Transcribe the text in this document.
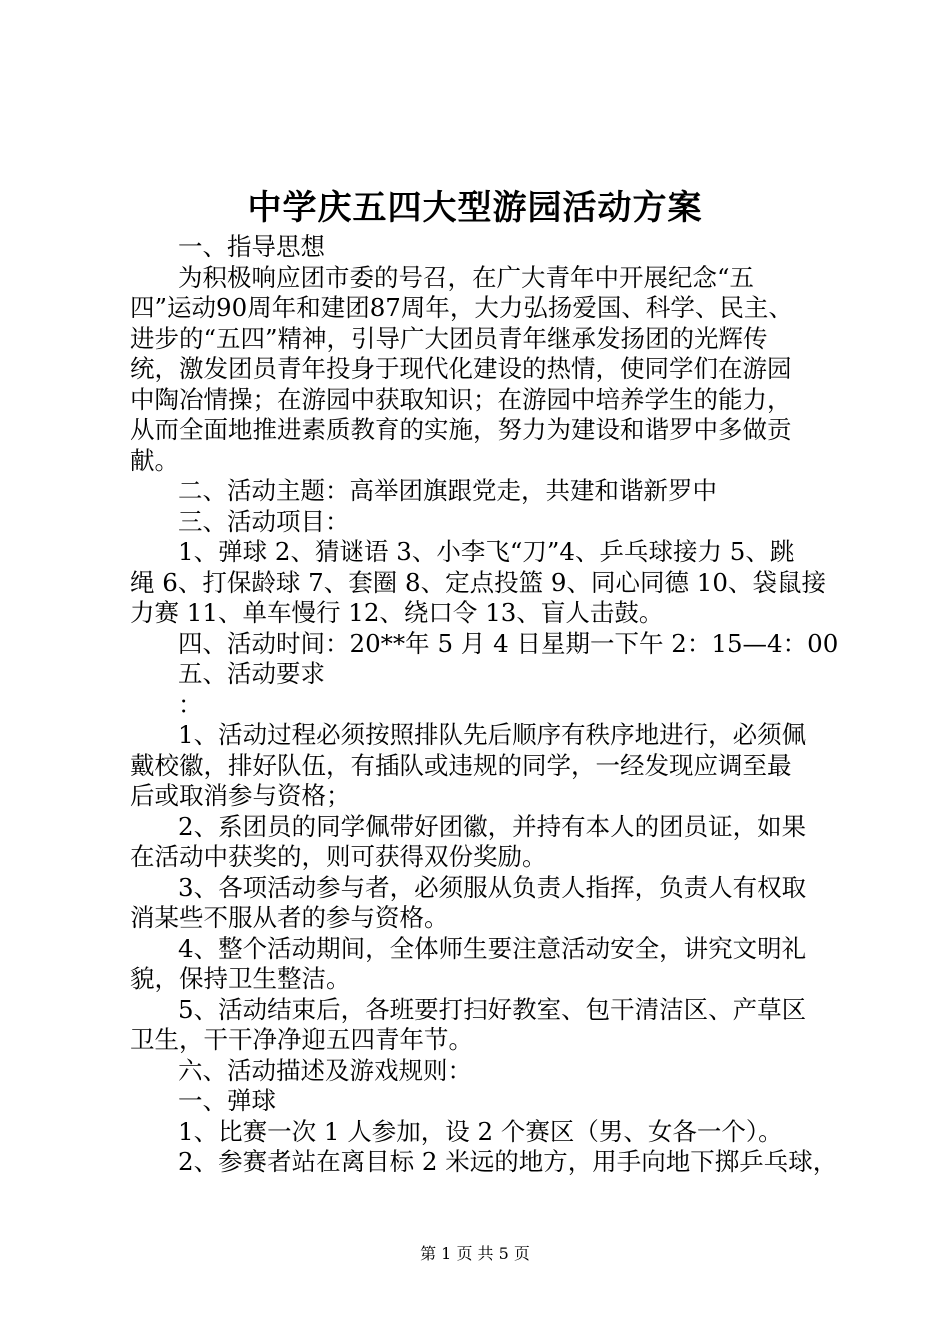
中学庆五四大型游园活动方案
一、指导思想
为积极响应团市委的号召，在广大青年中开展纪念“五
四”运动90周年和建团87周年，大力弘扬爱国、科学、民主、
进步的“五四”精神，引导广大团员青年继承发扬团的光辉传
统，激发团员青年投身于现代化建设的热情，使同学们在游园
中陶冶情操；在游园中获取知识；在游园中培养学生的能力，
从而全面地推进素质教育的实施，努力为建设和谐罗中多做贡
献。
二、活动主题：高举团旗跟党走，共建和谐新罗中
三、活动项目：
1、弹球 2、猜谜语 3、小李飞“刀”4、乒乓球接力 5、跳
绳 6、打保龄球 7、套圈 8、定点投篮 9、同心同德 10、袋鼠接
力赛 11、单车慢行 12、绕口令 13、盲人击鼓。
四、活动时间：20**年 5 月 4 日星期一下午 2：15—4：00
五、活动要求
：
1、活动过程必须按照排队先后顺序有秩序地进行，必须佩
戴校徽，排好队伍，有插队或违规的同学，一经发现应调至最
后或取消参与资格；
2、系团员的同学佩带好团徽，并持有本人的团员证，如果
在活动中获奖的，则可获得双份奖励。
3、各项活动参与者，必须服从负责人指挥，负责人有权取
消某些不服从者的参与资格。
4、整个活动期间，全体师生要注意活动安全，讲究文明礼
貌，保持卫生整洁。
5、活动结束后，各班要打扫好教室、包干清洁区、产草区
卫生，干干净净迎五四青年节。
六、活动描述及游戏规则：
一、弹球
1、比赛一次 1 人参加，设 2 个赛区（男、女各一个）。
2、参赛者站在离目标 2 米远的地方，用手向地下掷乒乓球，
第 1 页 共 5 页
